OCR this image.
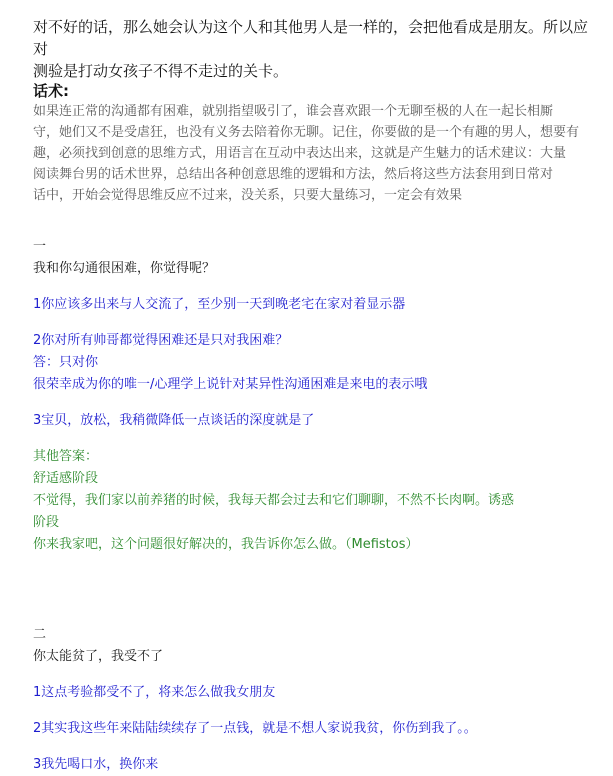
对不好的话，那么她会认为这个人和其他男人是一样的，会把他看成是朋友。所以应对

测验是打动女孩子不得不走过的关卡。

话术:

如果连正常的沟通都有困难，就别指望吸引了，谁会喜欢跟一个无聊至极的人在一起长相厮

守，她们又不是受虐狂，也没有义务去陪着你无聊。记住，你要做的是一个有趣的男人，想要有

趣，必须找到创意的思维方式，用语言在互动中表达出来，这就是产生魅力的话术建议：大量

阅读舞台男的话术世界，总结出各种创意思维的逻辑和方法，然后将这些方法套用到日常对

话中，开始会觉得思维反应不过来，没关系，只要大量练习，一定会有效果

一

我和你勾通很困难，你觉得呢？

1你应该多出来与人交流了，至少别一天到晚老宅在家对着显示器

2你对所有帅哥都觉得困难还是只对我困难？

答：只对你

很荣幸成为你的唯一/心理学上说针对某异性沟通困难是来电的表示哦

3宝贝，放松，我稍微降低一点谈话的深度就是了

其他答案：

舒适感阶段

不觉得，我们家以前养猪的时候，我每天都会过去和它们聊聊，不然不长肉啊。诱惑

阶段

你来我家吧，这个问题很好解决的，我告诉你怎么做。（Mefistos）

二

你太能贫了，我受不了

1这点考验都受不了，将来怎么做我女朋友

2其实我这些年来陆陆续续存了一点钱，就是不想人家说我贫，你伤到我了。。

3我先喝口水，换你来
